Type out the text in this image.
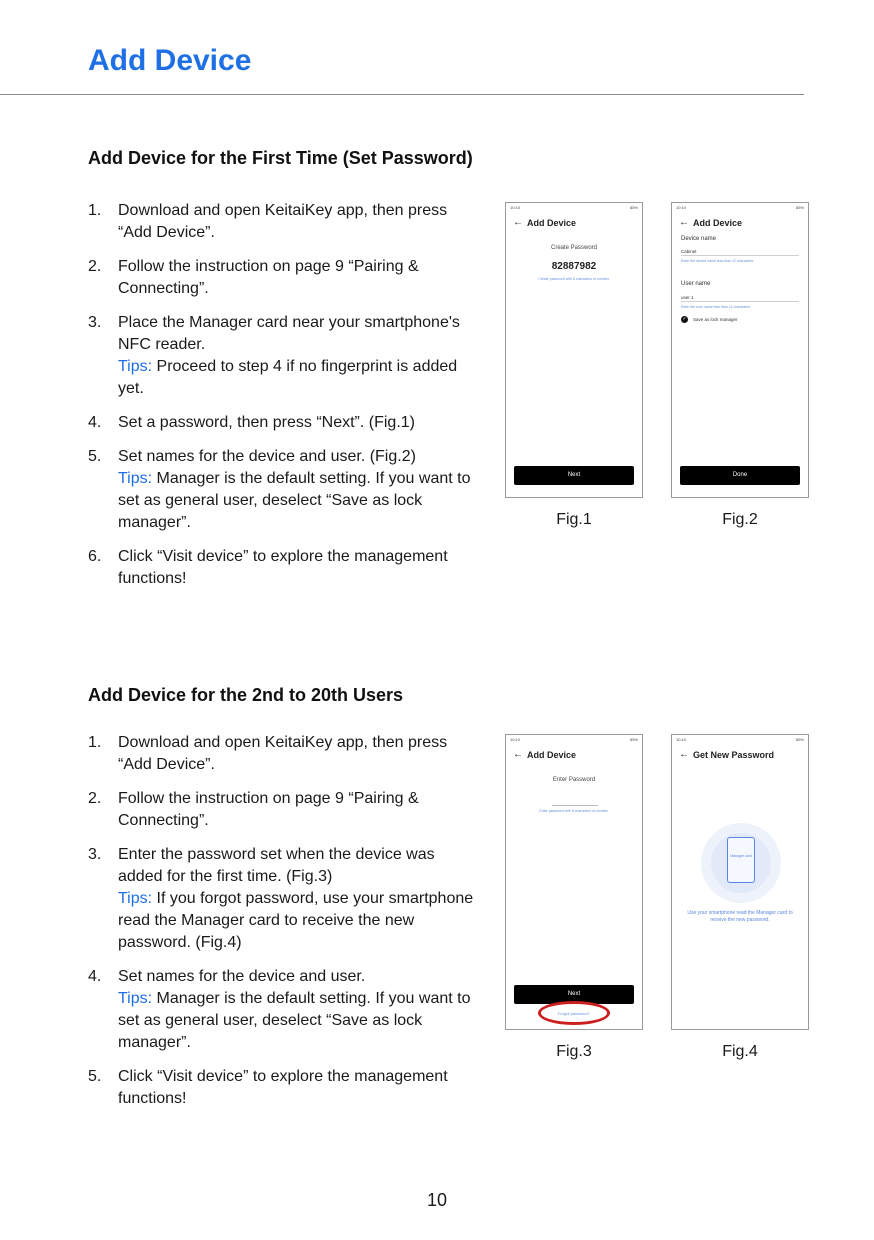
Add Device
Add Device for the First Time (Set Password)
1.	Download and open KeitaiKey app, then press “Add Device”.
2.	Follow the instruction on page 9 “Pairing & Connecting”.
3.	Place the Manager card near your smartphone's NFC reader.
Tips: Proceed to step 4 if no fingerprint is added yet.
4.	Set a password, then press “Next”. (Fig.1)
5.	Set names for the device and user. (Fig.2)
Tips: Manager is the default setting. If you want to set as general user, deselect “Save as lock manager”.
6.	Click “Visit device” to explore the management functions!
10:10	85%
← Add Device
Create Password
82887982
Create password with 8 characters of number.
Next
Fig.1
10:10	85%
← Add Device
Device name
Cabinet
Enter the device name less than 12 characters.
User name
user 1
Enter the user name less than 12 characters.
✓	Save as lock manager
Done
Fig.2
Add Device for the 2nd to 20th Users
1.	Download and open KeitaiKey app, then press “Add Device”.
2.	Follow the instruction on page 9 “Pairing & Connecting”.
3.	Enter the password set when the device was added for the first time. (Fig.3)
Tips: If you forgot password, use your smartphone read the Manager card to receive the new password. (Fig.4)
4.	Set names for the device and user.
Tips: Manager is the default setting. If you want to set as general user, deselect “Save as lock manager”.
5.	Click “Visit device” to explore the management functions!
10:10	85%
← Add Device
Enter Password
Enter password with 8 characters of number.
Next
Forgot password?
Fig.3
10:10	85%
← Get New Password
Manager card
Use your smartphone read the Manager card to receive the new password.
Fig.4
10
